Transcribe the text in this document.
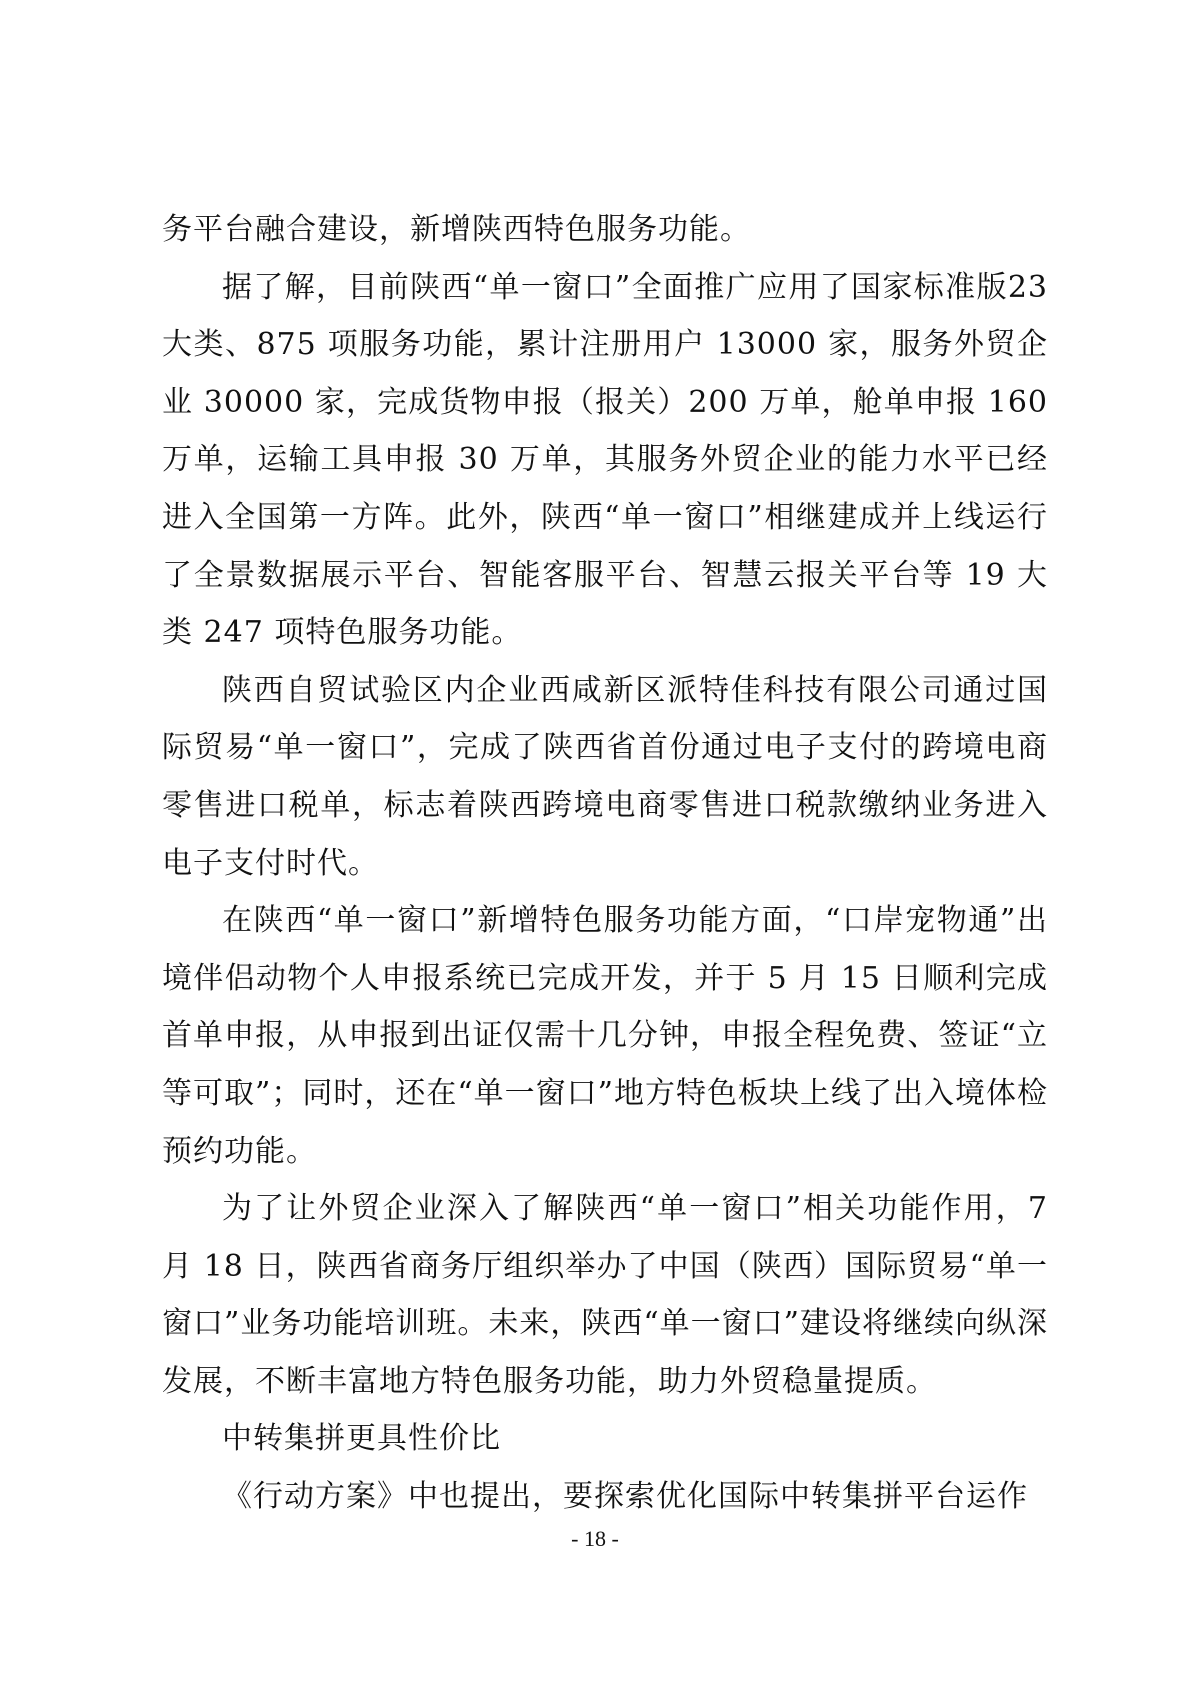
务平台融合建设，新增陕西特色服务功能。

据了解，目前陕西“单一窗口”全面推广应用了国家标准版23 大类、875 项服务功能，累计注册用户 13000 家，服务外贸企业 30000 家，完成货物申报（报关）200 万单，舱单申报 160 万单，运输工具申报 30 万单，其服务外贸企业的能力水平已经进入全国第一方阵。此外，陕西“单一窗口”相继建成并上线运行了全景数据展示平台、智能客服平台、智慧云报关平台等 19 大类 247 项特色服务功能。

陕西自贸试验区内企业西咸新区派特佳科技有限公司通过国际贸易“单一窗口”，完成了陕西省首份通过电子支付的跨境电商零售进口税单，标志着陕西跨境电商零售进口税款缴纳业务进入电子支付时代。

在陕西“单一窗口”新增特色服务功能方面，“口岸宠物通”出境伴侣动物个人申报系统已完成开发，并于 5 月 15 日顺利完成首单申报，从申报到出证仅需十几分钟，申报全程免费、签证“立等可取”；同时，还在“单一窗口”地方特色板块上线了出入境体检预约功能。

为了让外贸企业深入了解陕西“单一窗口”相关功能作用，7 月 18 日，陕西省商务厅组织举办了中国（陕西）国际贸易“单一窗口”业务功能培训班。未来，陕西“单一窗口”建设将继续向纵深发展，不断丰富地方特色服务功能，助力外贸稳量提质。

中转集拼更具性价比

《行动方案》中也提出，要探索优化国际中转集拼平台运作

- 18 -
